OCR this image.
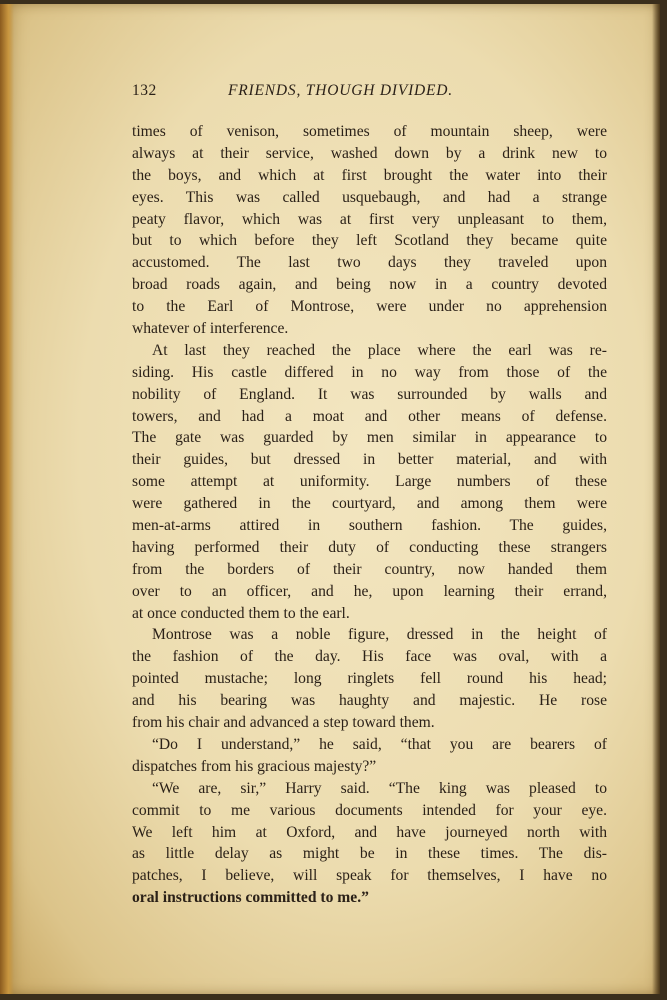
132	FRIENDS, THOUGH DIVIDED.
times of venison, sometimes of mountain sheep, were
always at their service, washed down by a drink new to
the boys, and which at first brought the water into their
eyes. This was called usquebaugh, and had a strange
peaty flavor, which was at first very unpleasant to them,
but to which before they left Scotland they became quite
accustomed. The last two days they traveled upon
broad roads again, and being now in a country devoted
to the Earl of Montrose, were under no apprehension
whatever of interference.
At last they reached the place where the earl was re-
siding. His castle differed in no way from those of the
nobility of England. It was surrounded by walls and
towers, and had a moat and other means of defense.
The gate was guarded by men similar in appearance to
their guides, but dressed in better material, and with
some attempt at uniformity. Large numbers of these
were gathered in the courtyard, and among them were
men-at-arms attired in southern fashion. The guides,
having performed their duty of conducting these strangers
from the borders of their country, now handed them
over to an officer, and he, upon learning their errand,
at once conducted them to the earl.
Montrose was a noble figure, dressed in the height of
the fashion of the day. His face was oval, with a
pointed mustache; long ringlets fell round his head;
and his bearing was haughty and majestic. He rose
from his chair and advanced a step toward them.
“Do I understand,” he said, “that you are bearers of
dispatches from his gracious majesty?”
“We are, sir,” Harry said. “The king was pleased to
commit to me various documents intended for your eye.
We left him at Oxford, and have journeyed north with
as little delay as might be in these times. The dis-
patches, I believe, will speak for themselves, I have no
oral instructions committed to me.”
